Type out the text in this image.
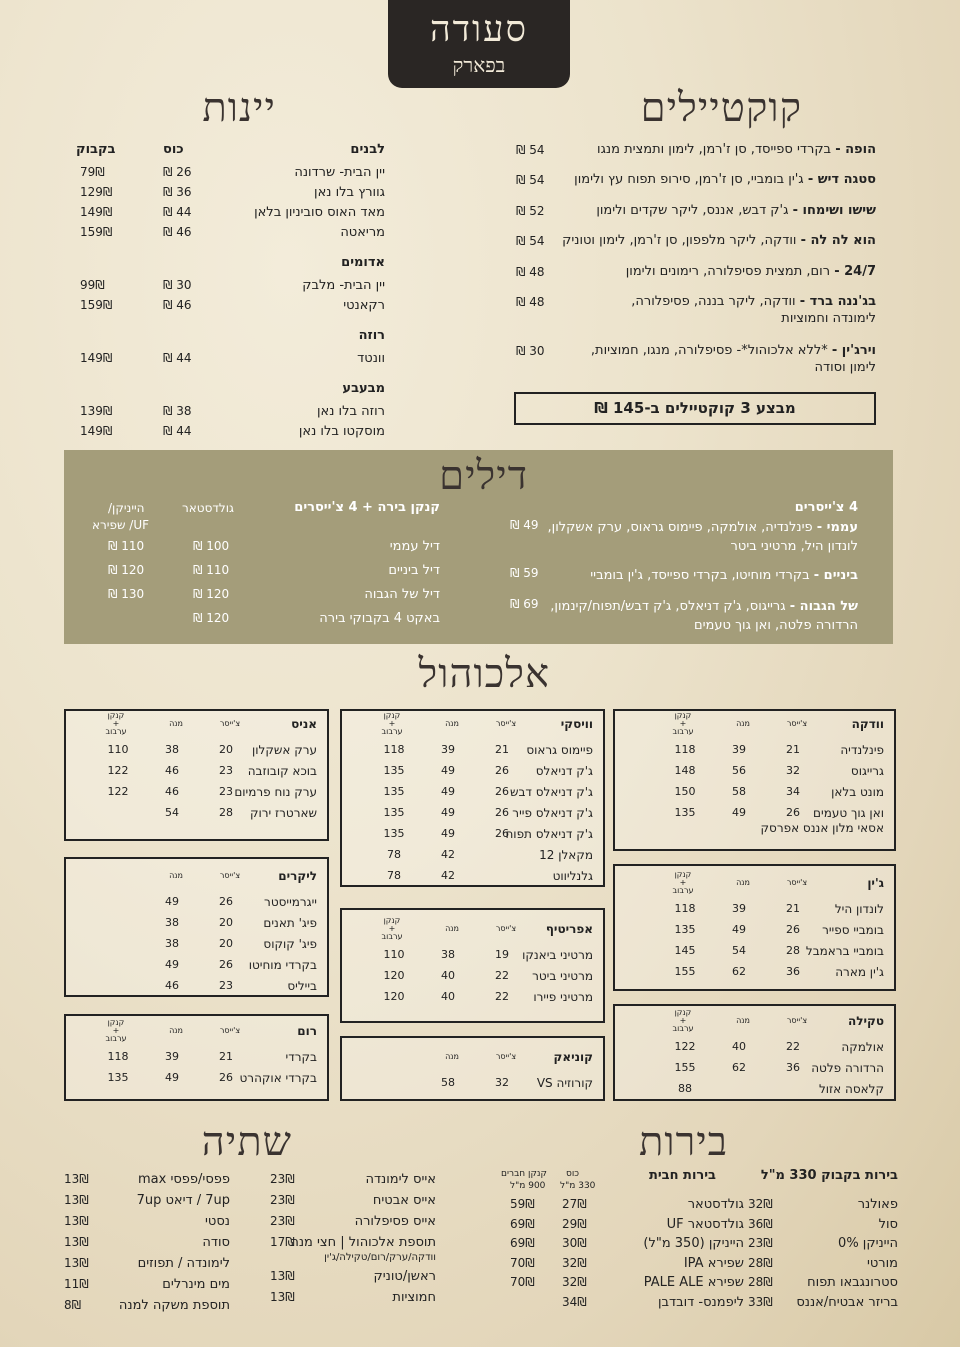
סעודה
בפארק
קוקטיילים
הופה - בקרדי ספייסד, סן ז'רמן, לימון ותמצית מנגו
54 ₪
סטגה דיש - ג'ין בומביי, סן ז'רמן, סירופ תפוח עץ ולימון
54 ₪
שישו ושימחו - ג'ק דבש, אננס, ליקר שקדים ולימון
52 ₪
הוא לה לה - וודקה, ליקר מלפפון, סן ז'רמן, לימון וטוניק
54 ₪
24/7 - רום, תמצית פסיפלורה, רימונים ולימון
48 ₪
בג'ננה ברד - וודקה, ליקר בננה, פסיפלורה,
לימונדה וחמוציות
48 ₪
וירג'ין - *ללא אלכוהול*- פסיפלורה, מנגו, חמוציות,
לימון וסודה
30 ₪
מבצע 3 קוקטיילים ב-145 ₪
יינות
כוס
בקבוק	לבנים
יין הבית- שרדונה
26 ₪
79₪
גוורץ בלו נאן
36 ₪
129₪
מאד האוס סוביניון בלאן
44 ₪
149₪
מריאטה
46 ₪
159₪
אדומים
יין הבית- מלבק
30 ₪
99₪
רקאנטי
46 ₪
159₪
רוזה
וונטד
44 ₪
149₪
מבעבע
רוזה בלו נאן
38 ₪
139₪
מוסקטו בלו נאן
44 ₪
149₪
דילים
4 צ'ייסרים
עממי - פינלנדיה, אולמקה, פיימוס גראוס, ערק אשקלון,
לונדון היל, מרטיני ביטר
49 ₪
ביניים - בקרדי מוחיטו, בקרדי ספייסד, ג'ין בומביי
59 ₪
של הגבוה - גרייגוס, ג'ק דניאלס, ג'ק דבש/תפוח/קינמון,
הרדורה פלטה, ואן גוך טעמים
69 ₪
קנקן בירה + 4 צ'ייסרים
גולדסטאר
הייניקן/
UF/ שפירא
דיל עממי
100 ₪
110 ₪
דיל ביניים
110 ₪
120 ₪
דיל של הגבוה
120 ₪
130 ₪
באקט 4 בקבוקי בירה
120 ₪
אלכוהול
וודקה
צ'ייסר
מנה
קנקן
+
ערבוב
פינלנדיה
21
39
118
גרייגוס
32
56
148
מונט בלאן
34
58
150
ואן גוך טעמים
26
49
135
אסאי מלון אננס אפרסק
ג'ין
צ'ייסר
מנה
קנקן
+
ערבוב
לונדון היל
21
39
118
בומביי ספייר
26
49
135
בומביי בראמבל
28
54
145
ג'ין מארה
36
62
155
טקילה
צ'ייסר
מנה
קנקן
+
ערבוב
אולמקה
22
40
122
הרדורה פלטה
36
62
155
קלאסה אזול
88
וויסקי
צ'ייסר
מנה
קנקן
+
ערבוב
פיימוס גראוס
21
39
118
ג'ק דניאלס
26
49
135
ג'ק דניאלס דבש
26
49
135
ג'ק דניאלס פייר
26
49
135
ג'ק דניאלס תפוח
26
49
135
מקאלן 12
42
78
גלנליווט
42
78
אפריטיף
צ'ייסר
מנה
קנקן
+
ערבוב
מרטיני ביאנקו
19
38
110
מרטיני ביטר
22
40
120
מרטיני פיירו
22
40
120
קוניאק
צ'ייסר
מנה
קורוזיה VS
32
58
אניס
צ'ייסר
מנה
קנקן
+
ערבוב
ערק אשקלון
20
38
110
בוכא קובוזבה
23
46
122
ערק נוח פרמיום
23
46
122
שארטרז ירוק
28
54
ליקרים
צ'ייסר
מנה
ייגרמייסטר
26
49
פיג' תאנים
20
38
פיג' קוקוס
20
38
בקרדי מוחיטו
26
49
בייליס
23
46
רום
צ'ייסר
מנה
קנקן
+
ערבוב
בקרדי
21
39
118
בקרדי אוקהרט
26
49
135
בירות
שתיה
בירות בקבוק 330 מ"ל
פאולנר
32₪
סול
36₪
הייניקן 0%
23₪
מורטי
28₪
סטרונגבאו תפוח
28₪
בריזר אבטיח/אננס
33₪
בירות חבית
כוס
330 מ"ל
קנקן חברים
900 מ"ל
גולדסטאר
27₪
59₪
גולדסטאר UF
29₪
69₪
הייניקן (350 מ"ל)
30₪
69₪
שפירא IPA
32₪
70₪
שפירא PALE ALE
32₪
70₪
ליפמנס- דובדבן
34₪
אייס לימונדה
23₪
אייס אבטיח
23₪
אייס פסיפלורה
23₪
תוספת אלכוהול | חצי מנה
17₪
וודקה/ערק/רום/טקילה/ג'ין
ראשן/טוניק
13₪
חמוציות
13₪
פפסי/פפסי max
13₪
7up / דיאט 7up
13₪
נסטי
13₪
סודה
13₪
לימונדה / תפוזים
13₪
מים מינרלים
11₪
תוספת משקה למנה
8₪
